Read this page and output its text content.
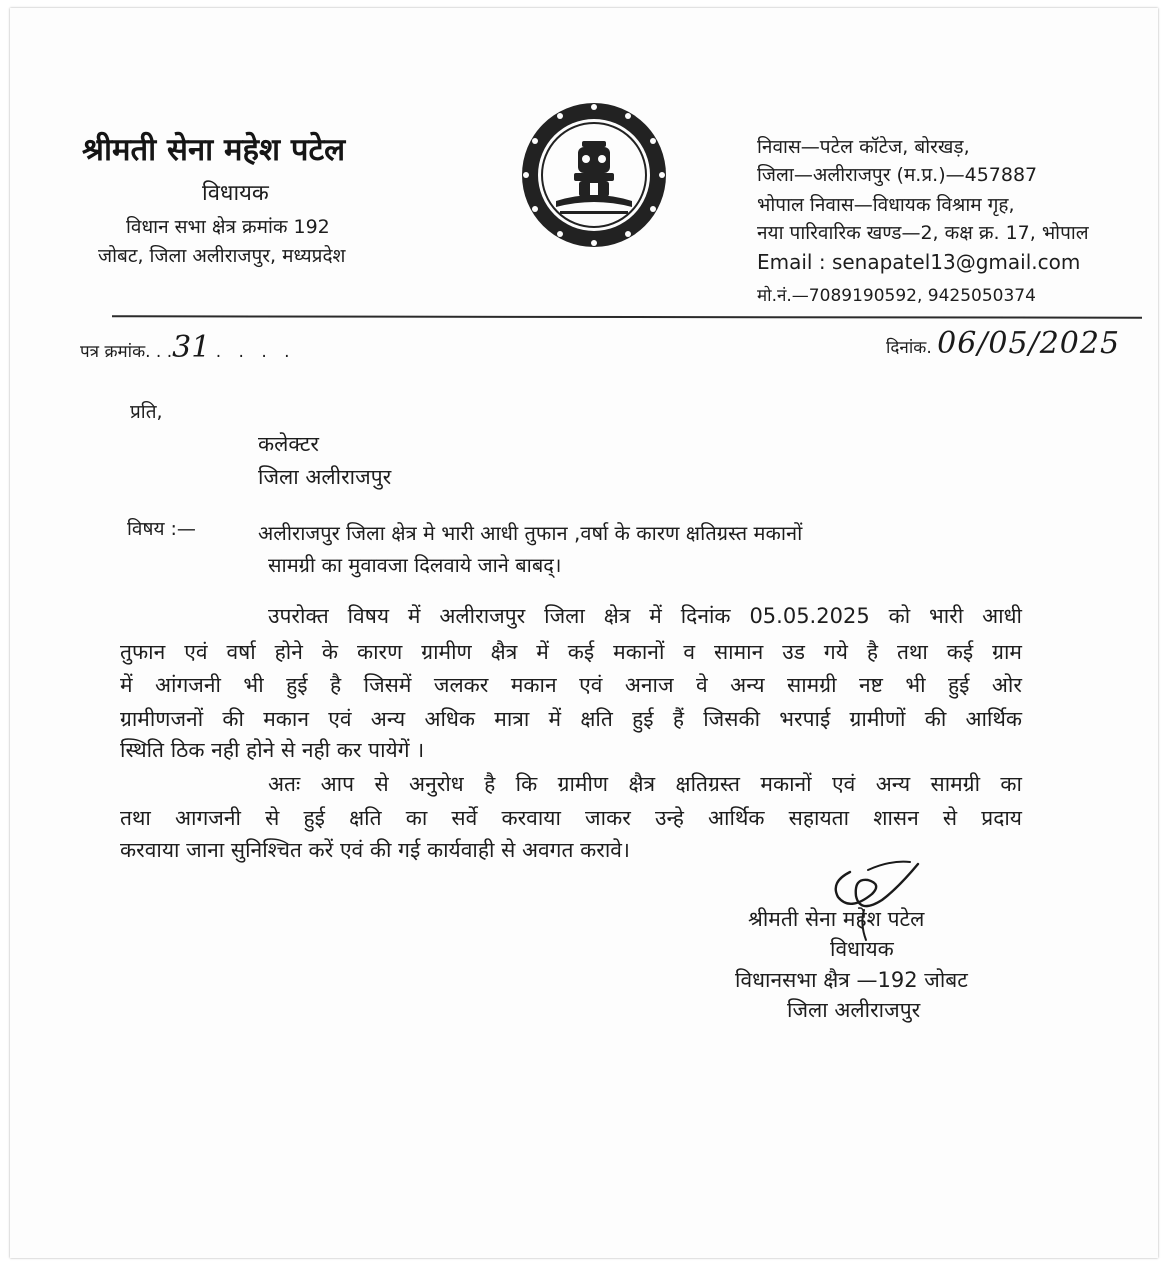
श्रीमती सेना महेश पटेल
विधायक
विधान सभा क्षेत्र क्रमांक 192
जोबट, जिला अलीराजपुर, मध्यप्रदेश
निवास—पटेल कॉटेज, बोरखड़,
जिला—अलीराजपुर (म.प्र.)—457887
भोपाल निवास—विधायक विश्राम गृह,
नया पारिवारिक खण्ड—2, कक्ष क्र. 17, भोपाल
Email : senapatel13@gmail.com
मो.नं.—7089190592, 9425050374
पत्र क्रमांक. . .31 . . . .	दिनांक. 06/05/2025
प्रति,
कलेक्टर
जिला अलीराजपुर
विषय :—	अलीराजपुर जिला क्षेत्र मे भारी आधी तुफान ,वर्षा के कारण क्षतिग्रस्त मकानों
सामग्री का मुवावजा दिलवाये जाने बाबद्।
उपरोक्त विषय में अलीराजपुर जिला क्षेत्र में दिनांक 05.05.2025 को भारी आधी
तुफान एवं वर्षा होने के कारण ग्रामीण क्षैत्र में कई मकानों व सामान उड गये है तथा कई ग्राम
में आंगजनी भी हुई है जिसमें जलकर मकान एवं अनाज वे अन्य सामग्री नष्ट भी हुई ओर
ग्रामीणजनों की मकान एवं अन्य अधिक मात्रा में क्षति हुई हैं जिसकी भरपाई ग्रामीणों की आर्थिक
स्थिति ठिक नही होने से नही कर पायेगें ।
अतः आप से अनुरोध है कि ग्रामीण क्षैत्र क्षतिग्रस्त मकानों एवं अन्य सामग्री का
तथा आगजनी से हुई क्षति का सर्वे करवाया जाकर उन्हे आर्थिक सहायता शासन से प्रदाय
करवाया जाना सुनिश्चित करें एवं की गई कार्यवाही से अवगत करावे।
श्रीमती सेना महेश पटेल
विधायक
विधानसभा क्षैत्र —192 जोबट
जिला अलीराजपुर
